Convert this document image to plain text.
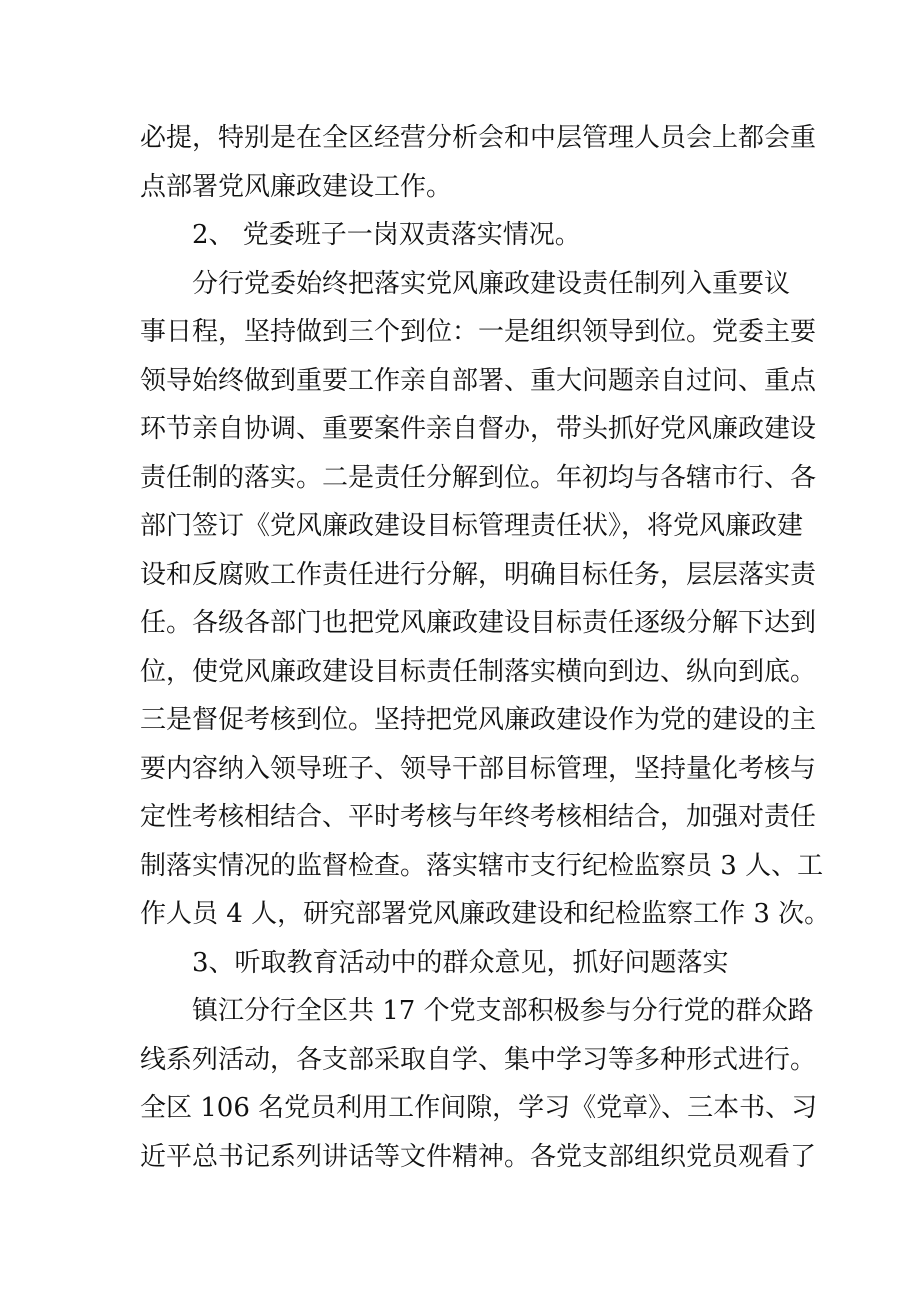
必提，特别是在全区经营分析会和中层管理人员会上都会重

点部署党风廉政建设工作。

2、 党委班子一岗双责落实情况。

分行党委始终把落实党风廉政建设责任制列入重要议

事日程，坚持做到三个到位：一是组织领导到位。党委主要

领导始终做到重要工作亲自部署、重大问题亲自过问、重点

环节亲自协调、重要案件亲自督办，带头抓好党风廉政建设

责任制的落实。二是责任分解到位。年初均与各辖市行、各

部门签订《党风廉政建设目标管理责任状》，将党风廉政建

设和反腐败工作责任进行分解，明确目标任务，层层落实责

任。各级各部门也把党风廉政建设目标责任逐级分解下达到

位，使党风廉政建设目标责任制落实横向到边、纵向到底。

三是督促考核到位。坚持把党风廉政建设作为党的建设的主

要内容纳入领导班子、领导干部目标管理，坚持量化考核与

定性考核相结合、平时考核与年终考核相结合，加强对责任

制落实情况的监督检查。落实辖市支行纪检监察员 3 人、工

作人员 4 人，研究部署党风廉政建设和纪检监察工作 3 次。

3、听取教育活动中的群众意见，抓好问题落实

镇江分行全区共 17 个党支部积极参与分行党的群众路

线系列活动，各支部采取自学、集中学习等多种形式进行。

全区 106 名党员利用工作间隙，学习《党章》、三本书、习

近平总书记系列讲话等文件精神。各党支部组织党员观看了
